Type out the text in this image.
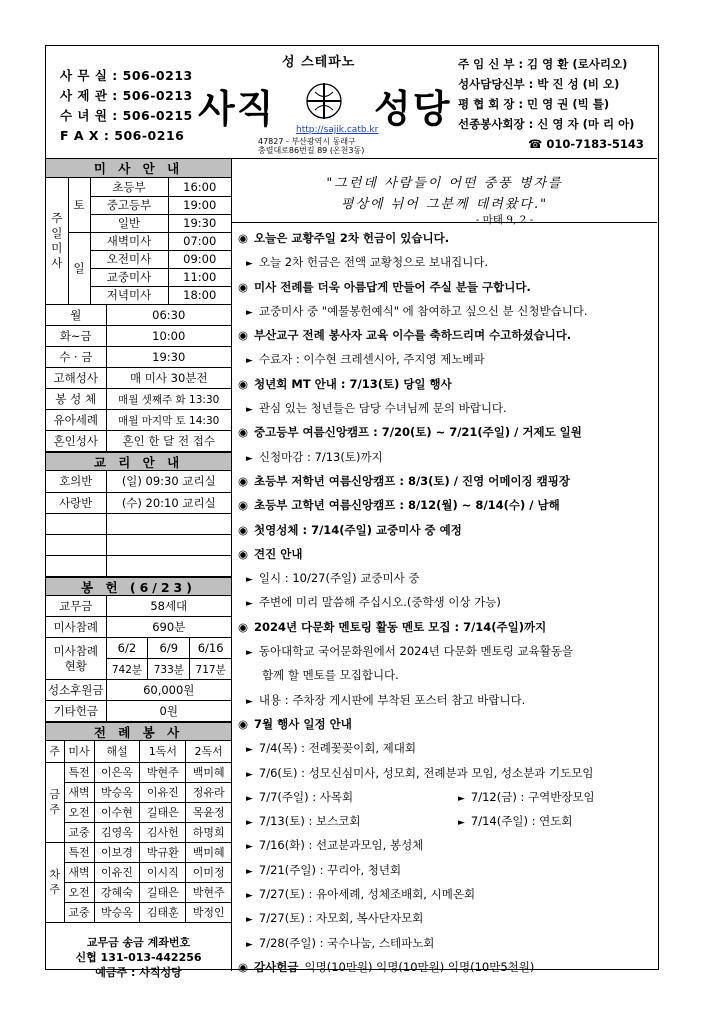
사 무 실 : 506-0213
사 제 관 : 506-0213
수 녀 원 : 506-0215
F A X : 506-0216
성 스테파노
사직	성당
http://sajik.catb.kr
47827 - 부산광역시 동래구
충렬대로86번길 89 (온천3동)
주 임 신 부 : 김 영 환 (로사리오)
성사담당신부 : 박 진 성 (비 오)
평 협 회 장 : 민 영 권 (빅 틀)
선종봉사회장 : 신 영 자 (마 리 아)
☎ 010-7183-5143
미 사 안 내
주
일
미
사	토	초등부	16:00
		중고등부	19:00
		일반	19:30
	일	새벽미사	07:00
		오전미사	09:00
		교중미사	11:00
		저녁미사	18:00
월	06:30
화~금	10:00
수 · 금	19:30
고해성사	매 미사 30분전
봉 성 체	매월 셋째주 화 13:30
유아세례	매월 마지막 토 14:30
혼인성사	혼인 한 달 전 접수
교 리 안 내
호의반	(일) 09:30 교리실
사랑반	(수) 20:10 교리실

봉 헌 (6/23)
교무금	58세대		
미사참례	690분		
미사참례
현황	6/2	6/9	6/16
	742분	733분	717분
성소후원금	60,000원		
기타헌금	0원		
전 례 봉 사
주	미사	해설	1독서	2독서
금
주	특전	이은옥	박현주	백미혜
	새벽	박승옥	이유진	정유라
	오전	이수현	길태은	목윤정
	교중	김영옥	김사헌	하명희
차
주	특전	이보경	박규환	백미혜
	새벽	이유진	이시직	이미정
	오전	강혜숙	길태은	박현주
	교중	박승옥	김태훈	박정인
교무금 송금 계좌번호
신협 131-013-442256
예금주 : 사직성당
"그런데 사람들이 어떤 중풍 병자를
평상에 뉘어 그분께 데려왔다."
- 마태 9, 2 -
◉ 오늘은 교황주일 2차 헌금이 있습니다.
► 오늘 2차 헌금은 전액 교황청으로 보내집니다.
◉ 미사 전례를 더욱 아름답게 만들어 주실 분들 구합니다.
► 교중미사 중 "예물봉헌예식" 에 참여하고 싶으신 분 신청받습니다.
◉ 부산교구 전례 봉사자 교육 이수를 축하드리며 수고하셨습니다.
► 수료자 : 이수현 크레센시아, 주지영 제노베파
◉ 청년회 MT 안내 : 7/13(토) 당일 행사
► 관심 있는 청년들은 담당 수녀님께 문의 바랍니다.
◉ 중고등부 여름신앙캠프 : 7/20(토) ~ 7/21(주일) / 거제도 일원
► 신청마감 : 7/13(토)까지
◉ 초등부 저학년 여름신앙캠프 : 8/3(토) / 진영 어메이징 캠핑장
◉ 초등부 고학년 여름신앙캠프 : 8/12(월) ~ 8/14(수) / 남해
◉ 첫영성체 : 7/14(주일) 교중미사 중 예정
◉ 견진 안내
► 일시 : 10/27(주일) 교중미사 중
► 주변에 미리 말씀해 주십시오.(중학생 이상 가능)
◉ 2024년 다문화 멘토링 활동 멘토 모집 : 7/14(주일)까지
► 동아대학교 국어문화원에서 2024년 다문화 멘토링 교육활동을
함께 할 멘토를 모집합니다.
► 내용 : 주차장 게시판에 부착된 포스터 참고 바랍니다.
◉ 7월 행사 일정 안내
► 7/4(목) : 전례꽃꽂이회, 제대회
► 7/6(토) : 성모신심미사, 성모회, 전례분과 모임, 성소분과 기도모임
► 7/7(주일) : 사목회	► 7/12(금) : 구역반장모임
► 7/13(토) : 보스코회	► 7/14(주일) : 연도회
► 7/16(화) : 선교분과모임, 봉성체
► 7/21(주일) : 꾸리아, 청년회
► 7/27(토) : 유아세례, 성체조배회, 시메온회
► 7/27(토) : 자모회, 복사단자모회
► 7/28(주일) : 국수나눔, 스테파노회
◉ 감사헌금 익명(10만원) 익명(10만원) 익명(10만5천원)
